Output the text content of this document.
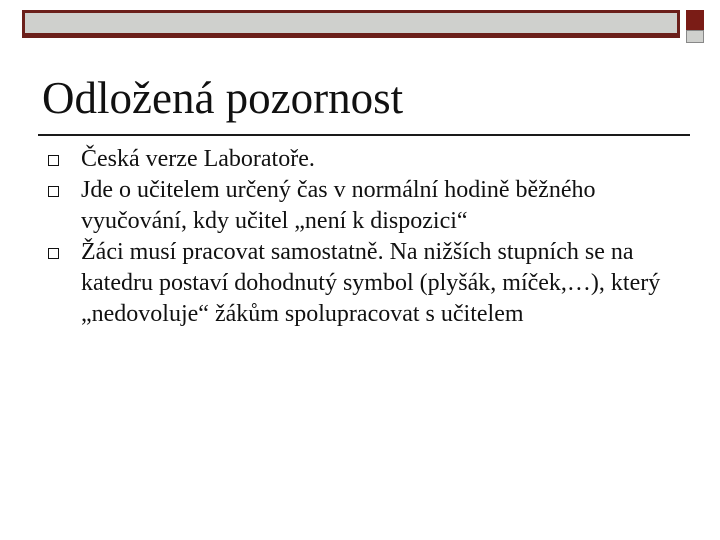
Odložená pozornost
Česká verze Laboratoře.
Jde o učitelem určený čas v normální hodině běžného vyučování, kdy učitel „není k dispozici“
Žáci musí pracovat samostatně. Na nižších stupních se na katedru postaví dohodnutý symbol (plyšák, míček,…), který „nedovoluje“ žákům spolupracovat s učitelem
